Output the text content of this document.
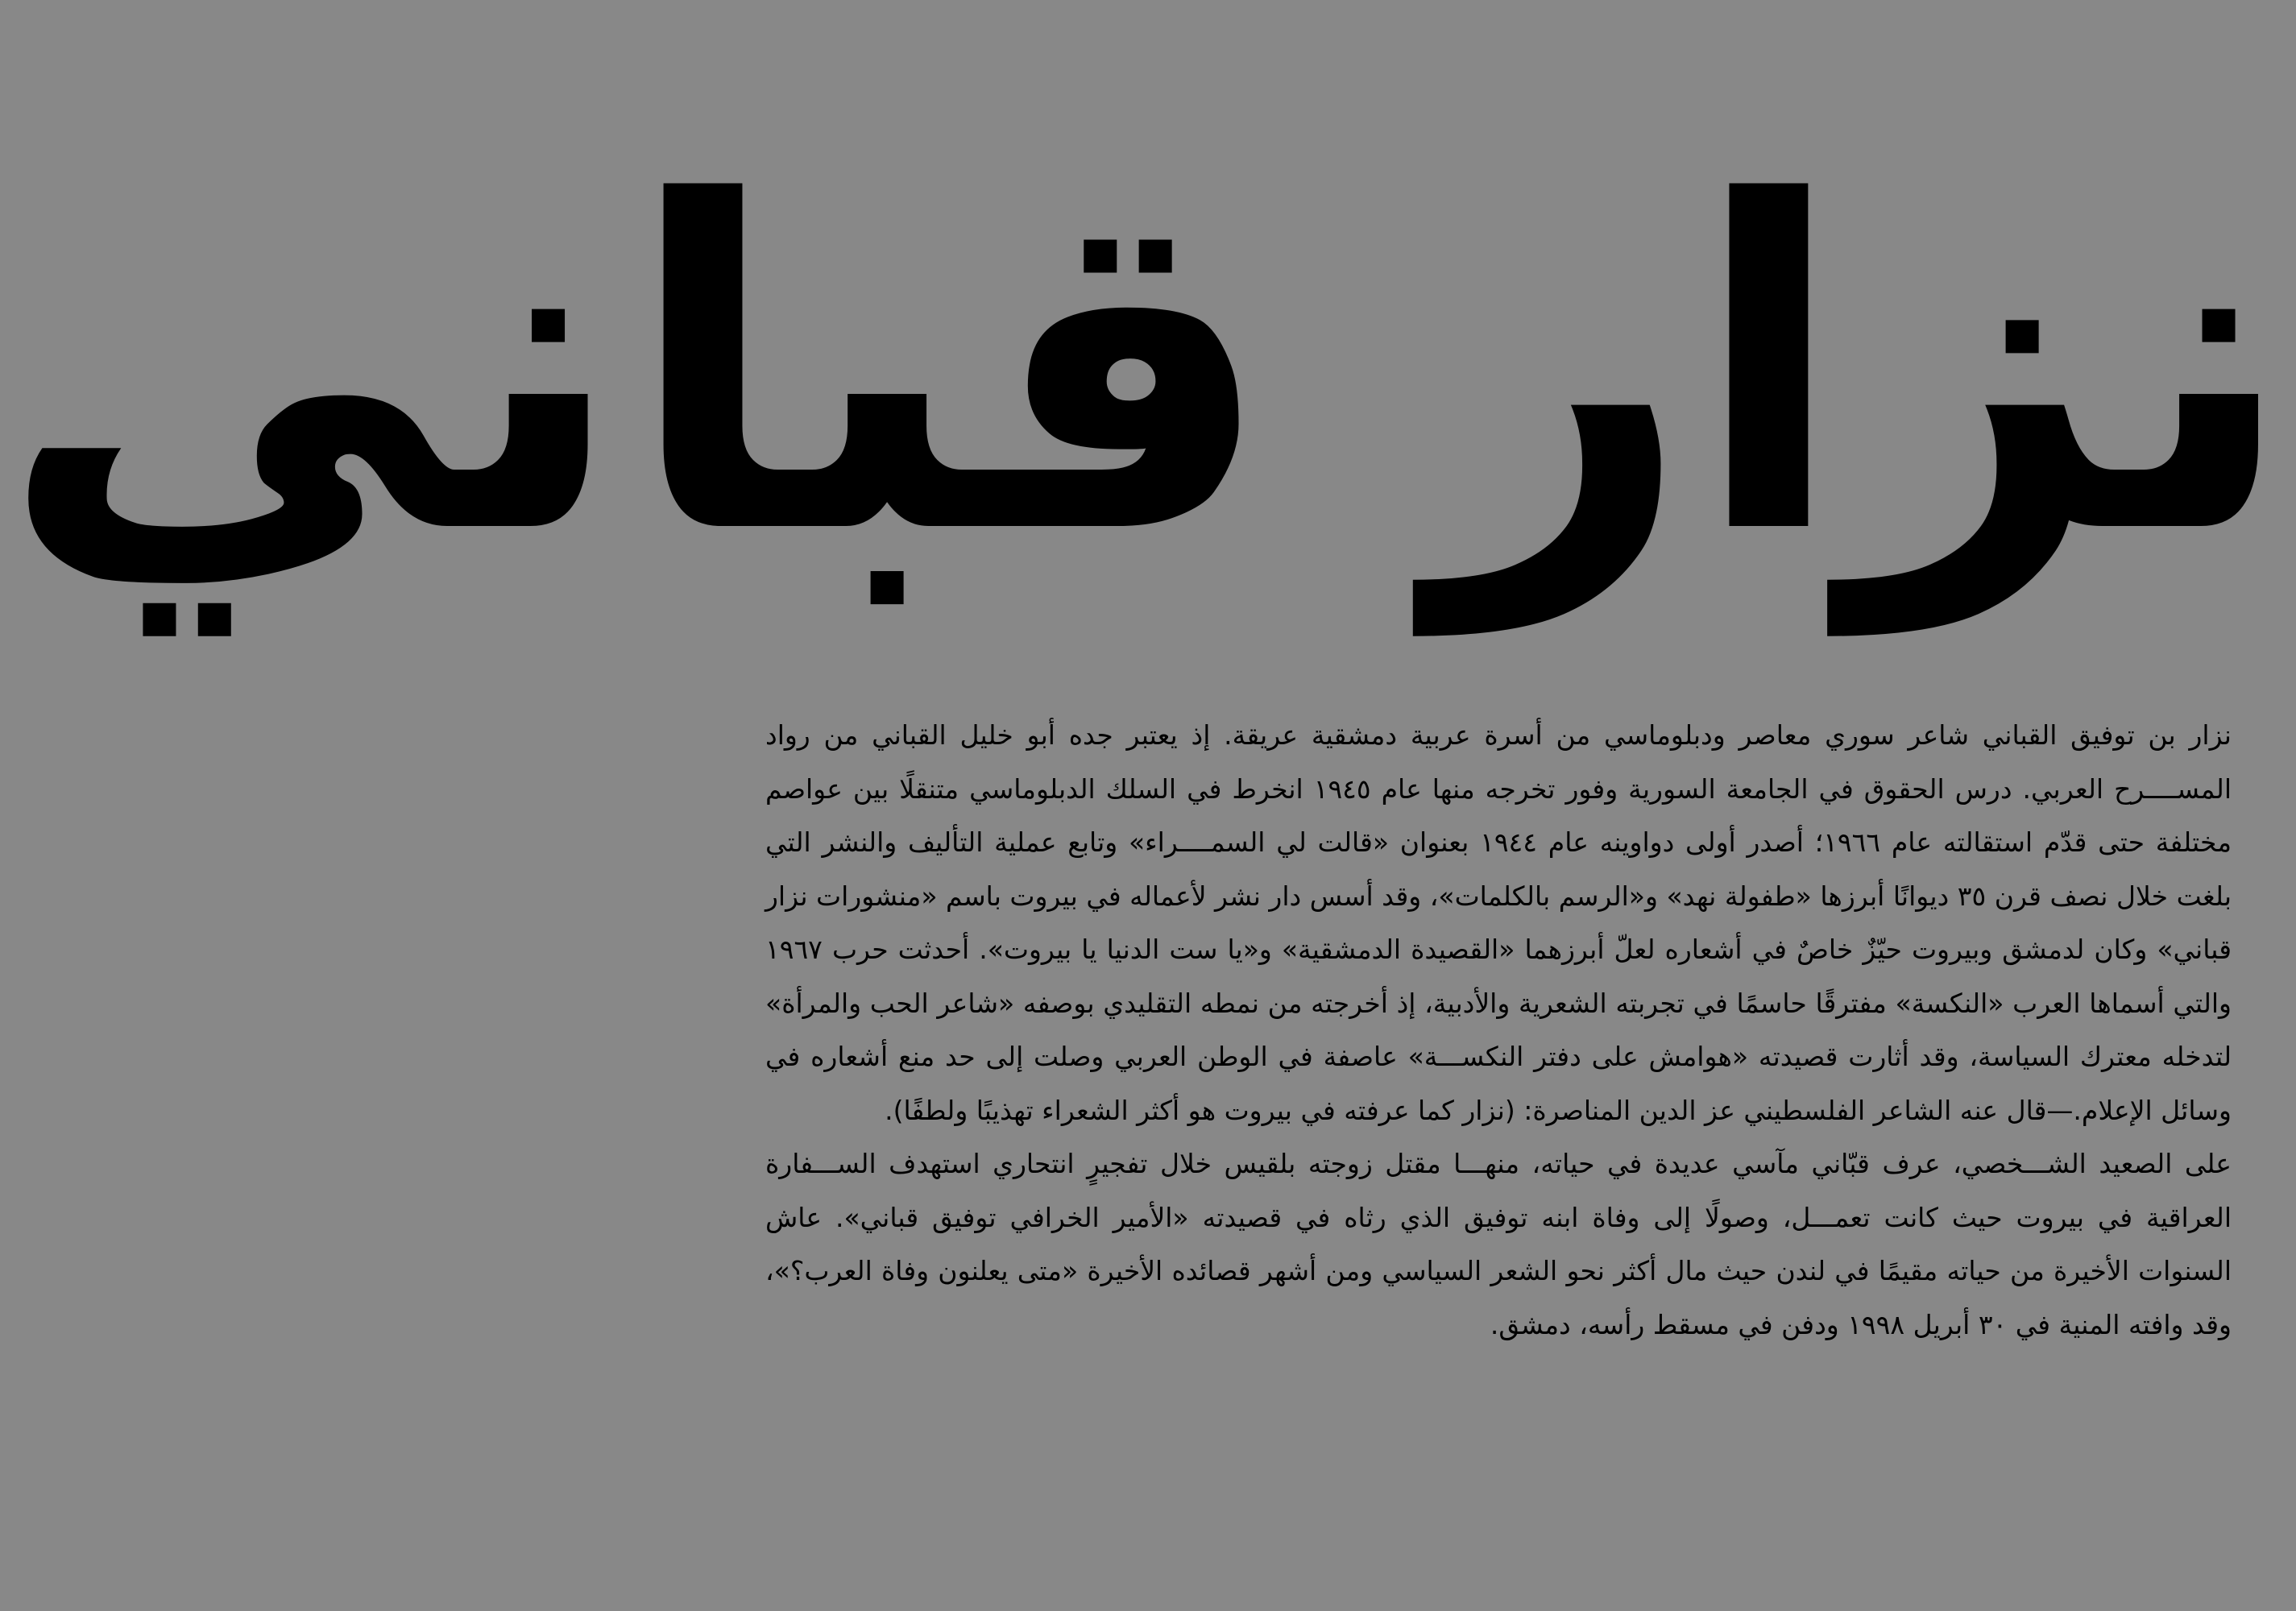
نزار قباني

نزار بن توفيق القباني شاعر سوري معاصر ودبلوماسي من أسرة عربية دمشقية عريقة. إذ يعتبر جده أبو خليل القباني من رواد المســــرح العربي. درس الحقوق في الجامعة السورية وفور تخرجه منها عام ١٩٤٥ انخرط في السلك الدبلوماسي متنقلًا بين عواصم مختلفة حتى قدّم استقالته عام ١٩٦٦؛ أصدر أولى دواوينه عام ١٩٤٤ بعنوان «قالت لي السمــــراء» وتابع عملية التأليف والنشر التي بلغت خلال نصف قرن ٣٥ ديوانًا أبرزها «طفولة نهد» و«الرسم بالكلمات»، وقد أسس دار نشر لأعماله في بيروت باسم «منشورات نزار قباني» وكان لدمشق وبيروت حيّزٌ خاصٌ في أشعاره لعلّ أبرزهما «القصيدة الدمشقية» و«يا ست الدنيا يا بيروت». أحدثت حرب ١٩٦٧ والتي أسماها العرب «النكسة» مفترقًا حاسمًا في تجربته الشعرية والأدبية، إذ أخرجته من نمطه التقليدي بوصفه «شاعر الحب والمرأة» لتدخله معترك السياسة، وقد أثارت قصيدته «هوامش على دفتر النكســـة» عاصفة في الوطن العربي وصلت إلى حد منع أشعاره في وسائل الإعلام.—قال عنه الشاعر الفلسطيني عز الدين المناصرة: (نزار كما عرفته في بيروت هو أكثر الشعراء تهذيبًا ولطفًا).

على الصعيد الشـــخصي، عرف قبّاني مآسي عديدة في حياته، منهـــا مقتل زوجته بلقيس خلال تفجيرٍ انتحاري استهدف الســـفارة العراقية في بيروت حيث كانت تعمـــل، وصولًا إلى وفاة ابنه توفيق الذي رثاه في قصيدته «الأمير الخرافي توفيق قباني». عاش السنوات الأخيرة من حياته مقيمًا في لندن حيث مال أكثر نحو الشعر السياسي ومن أشهر قصائده الأخيرة «متى يعلنون وفاة العرب؟»، وقد وافته المنية في ٣٠ أبريل ١٩٩٨ ودفن في مسقط رأسه، دمشق.
